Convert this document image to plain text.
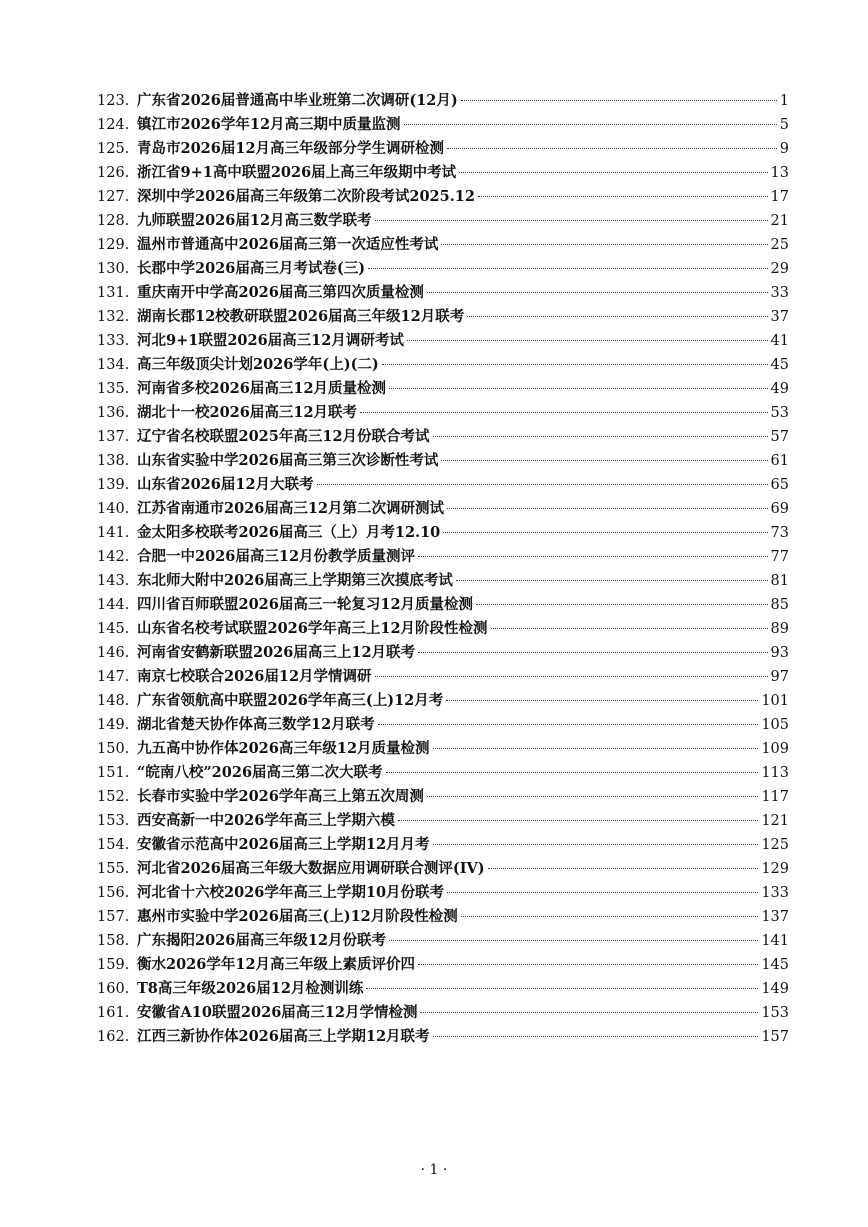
123. 广东省2026届普通高中毕业班第二次调研(12月)	1
124. 镇江市2026学年12月高三期中质量监测	5
125. 青岛市2026届12月高三年级部分学生调研检测	9
126. 浙江省9+1高中联盟2026届上高三年级期中考试	13
127. 深圳中学2026届高三年级第二次阶段考试2025.12	17
128. 九师联盟2026届12月高三数学联考	21
129. 温州市普通高中2026届高三第一次适应性考试	25
130. 长郡中学2026届高三月考试卷(三)	29
131. 重庆南开中学高2026届高三第四次质量检测	33
132. 湖南长郡12校教研联盟2026届高三年级12月联考	37
133. 河北9+1联盟2026届高三12月调研考试	41
134. 高三年级顶尖计划2026学年(上)(二)	45
135. 河南省多校2026届高三12月质量检测	49
136. 湖北十一校2026届高三12月联考	53
137. 辽宁省名校联盟2025年高三12月份联合考试	57
138. 山东省实验中学2026届高三第三次诊断性考试	61
139. 山东省2026届12月大联考	65
140. 江苏省南通市2026届高三12月第二次调研测试	69
141. 金太阳多校联考2026届高三（上）月考12.10	73
142. 合肥一中2026届高三12月份教学质量测评	77
143. 东北师大附中2026届高三上学期第三次摸底考试	81
144. 四川省百师联盟2026届高三一轮复习12月质量检测	85
145. 山东省名校考试联盟2026学年高三上12月阶段性检测	89
146. 河南省安鹤新联盟2026届高三上12月联考	93
147. 南京七校联合2026届12月学情调研	97
148. 广东省领航高中联盟2026学年高三(上)12月考	101
149. 湖北省楚天协作体高三数学12月联考	105
150. 九五高中协作体2026高三年级12月质量检测	109
151. “皖南八校”2026届高三第二次大联考	113
152. 长春市实验中学2026学年高三上第五次周测	117
153. 西安高新一中2026学年高三上学期六模	121
154. 安徽省示范高中2026届高三上学期12月月考	125
155. 河北省2026届高三年级大数据应用调研联合测评(IV)	129
156. 河北省十六校2026学年高三上学期10月份联考	133
157. 惠州市实验中学2026届高三(上)12月阶段性检测	137
158. 广东揭阳2026届高三年级12月份联考	141
159. 衡水2026学年12月高三年级上素质评价四	145
160. T8高三年级2026届12月检测训练	149
161. 安徽省A10联盟2026届高三12月学情检测	153
162. 江西三新协作体2026届高三上学期12月联考	157
· 1 ·
